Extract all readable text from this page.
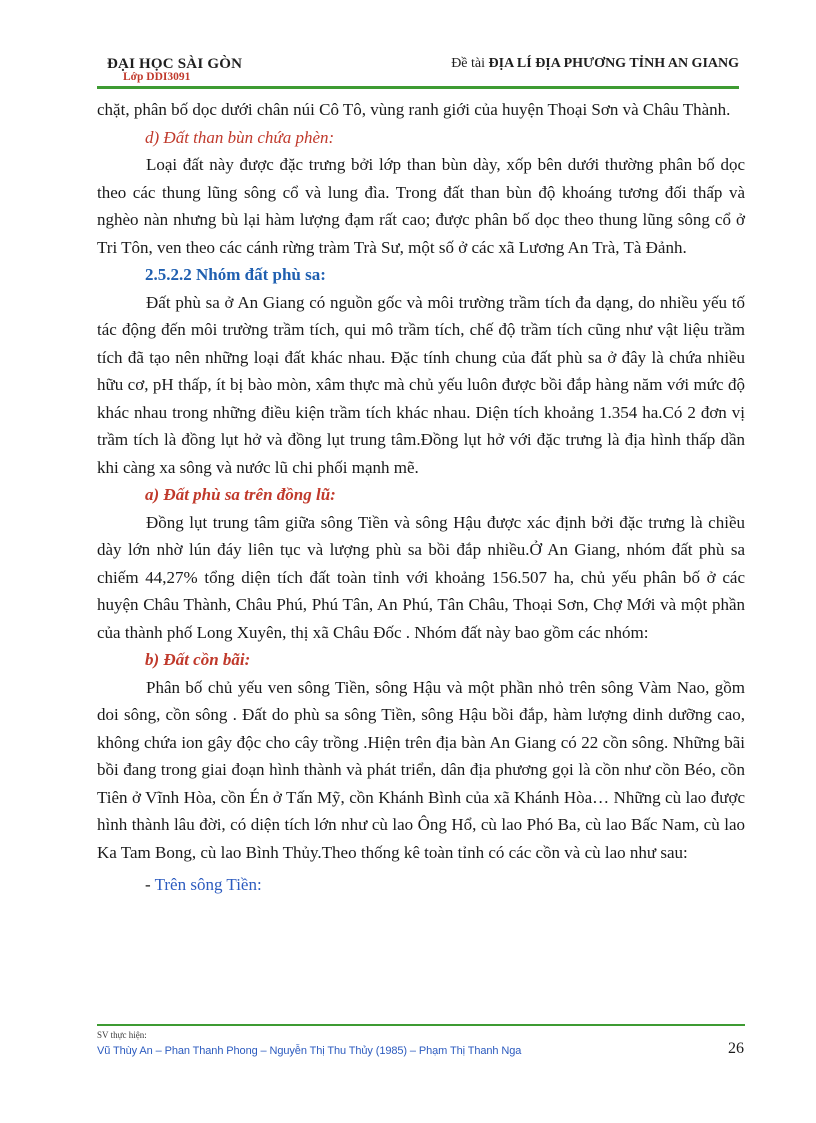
ĐẠI HỌC SÀI GÒN
Lớp DDI3091
Đề tài ĐỊA LÍ ĐỊA PHƯƠNG TỈNH AN GIANG

chặt, phân bố dọc dưới chân núi Cô Tô, vùng ranh giới của huyện Thoại Sơn và Châu Thành.

d) Đất than bùn chứa phèn:

Loại đất này được đặc trưng bởi lớp than bùn dày, xốp bên dưới thường phân bố dọc theo các thung lũng sông cổ và lung đìa. Trong đất than bùn độ khoáng tương đối thấp và nghèo nàn nhưng bù lại hàm lượng đạm rất cao; được phân bố dọc theo thung lũng sông cổ ở Tri Tôn, ven theo các cánh rừng tràm Trà Sư, một số ở các xã Lương An Trà, Tà Đảnh.

2.5.2.2 Nhóm đất phù sa:

Đất phù sa ở An Giang có nguồn gốc và môi trường trầm tích đa dạng, do nhiều yếu tố tác động đến môi trường trầm tích, qui mô trầm tích, chế độ trầm tích cũng như vật liệu trầm tích đã tạo nên những loại đất khác nhau. Đặc tính chung của đất phù sa ở đây là chứa nhiều hữu cơ, pH thấp, ít bị bào mòn, xâm thực mà chủ yếu luôn được bồi đắp hàng năm với mức độ khác nhau trong những điều kiện trầm tích khác nhau. Diện tích khoảng 1.354 ha.Có 2 đơn vị trầm tích là đồng lụt hở và đồng lụt trung tâm.Đồng lụt hở với đặc trưng là địa hình thấp dần khi càng xa sông và nước lũ chi phối mạnh mẽ.

a) Đất phù sa trên đồng lũ:

Đồng lụt trung tâm giữa sông Tiền và sông Hậu được xác định bởi đặc trưng là chiều dày lớn nhờ lún đáy liên tục và lượng phù sa bồi đắp nhiều.Ở An Giang, nhóm đất phù sa chiếm 44,27% tổng diện tích đất toàn tỉnh với khoảng 156.507 ha, chủ yếu phân bố ở các huyện Châu Thành, Châu Phú, Phú Tân, An Phú, Tân Châu, Thoại Sơn, Chợ Mới và một phần của thành phố Long Xuyên, thị xã Châu Đốc . Nhóm đất này bao gồm các nhóm:

b) Đất cồn bãi:

Phân bố chủ yếu ven sông Tiền, sông Hậu và một phần nhỏ trên sông Vàm Nao, gồm doi sông, cồn sông . Đất do phù sa sông Tiền, sông Hậu bồi đắp, hàm lượng dinh dưỡng cao, không chứa ion gây độc cho cây trồng .Hiện trên địa bàn An Giang có 22 cồn sông. Những bãi bồi đang trong giai đoạn hình thành và phát triển, dân địa phương gọi là cồn như cồn Béo, cồn Tiên ở Vĩnh Hòa, cồn Én ở Tấn Mỹ, cồn Khánh Bình của xã Khánh Hòa… Những cù lao được hình thành lâu đời, có diện tích lớn như cù lao Ông Hổ, cù lao Phó Ba, cù lao Bấc Nam, cù lao Ka Tam Bong, cù lao Bình Thủy.Theo thống kê toàn tỉnh có các cồn và cù lao như sau:

- Trên sông Tiền:

SV thực hiện:
Vũ Thùy An – Phan Thanh Phong – Nguyễn Thị Thu Thủy (1985) – Phạm Thị Thanh Nga	26
